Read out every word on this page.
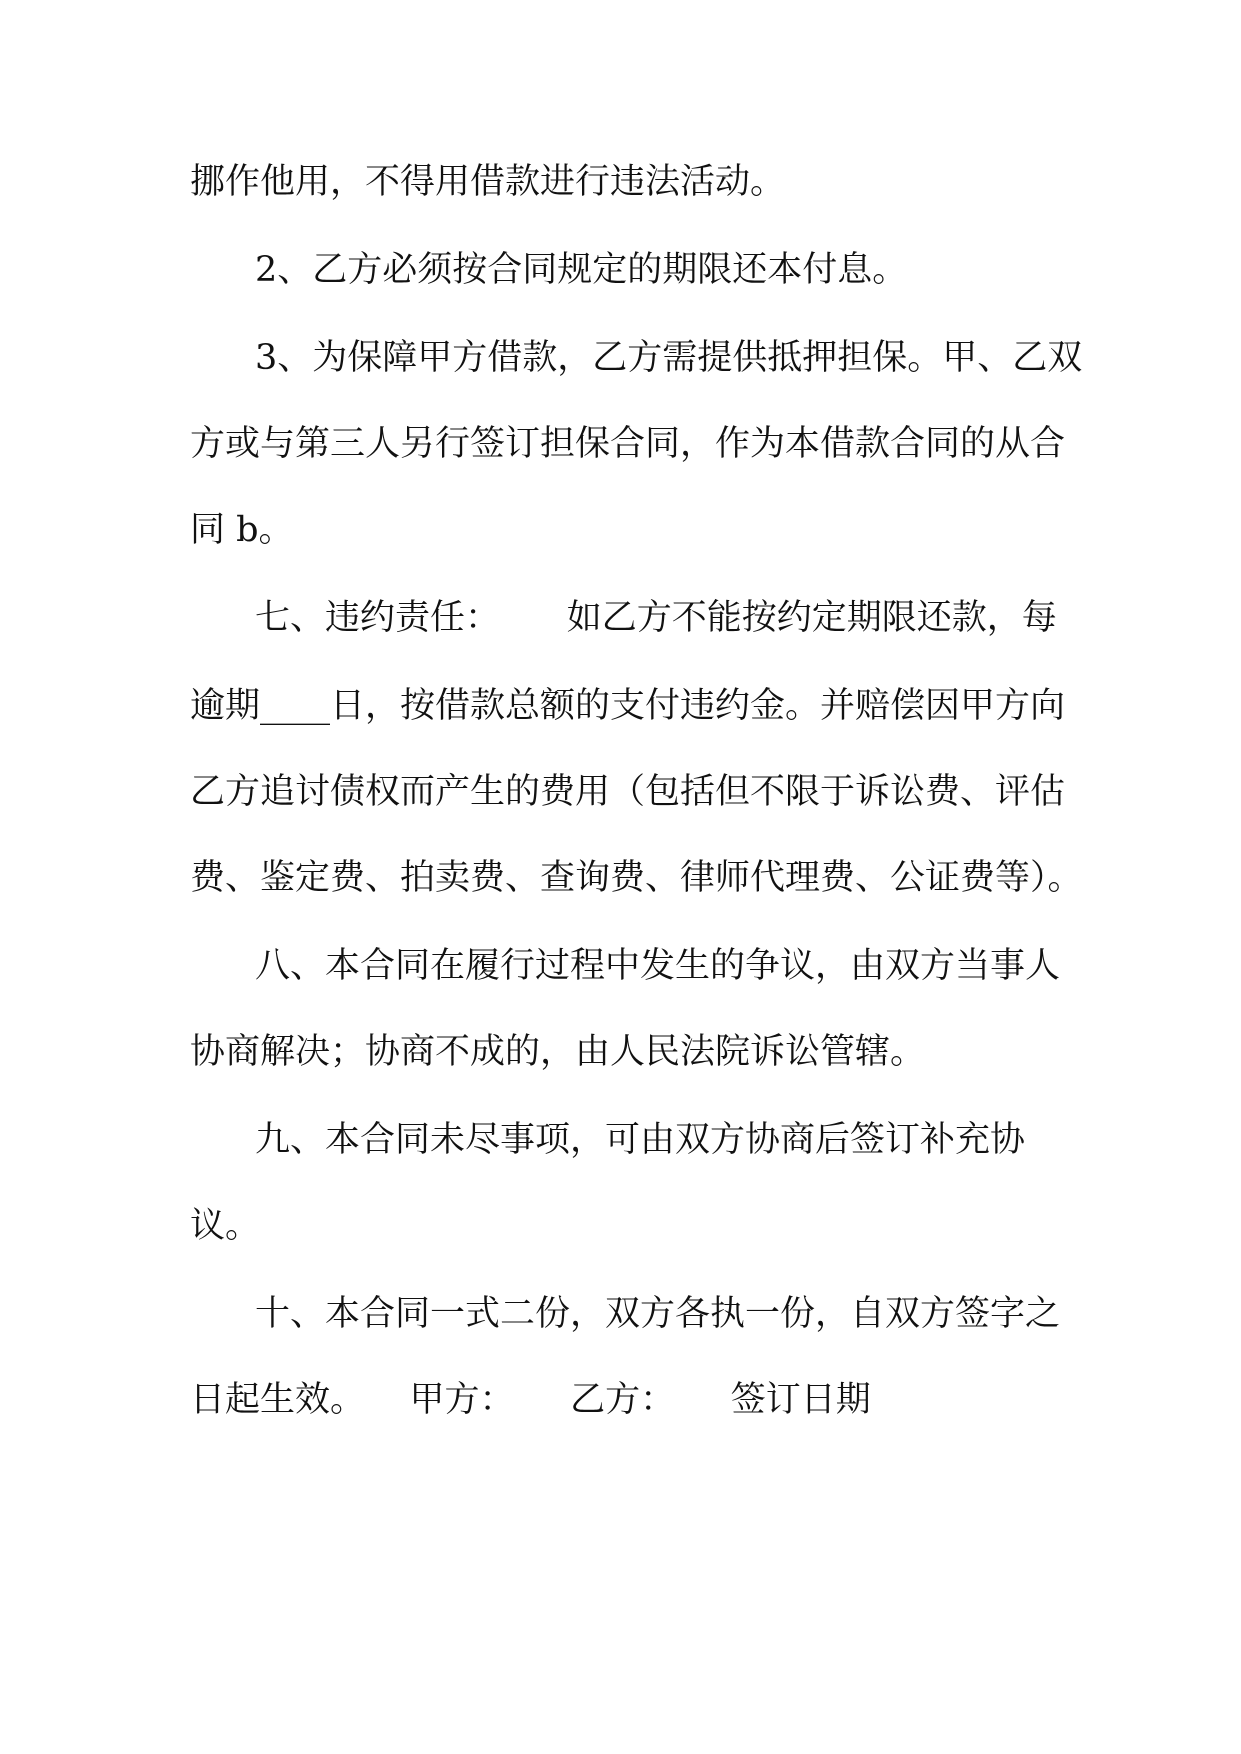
挪作他用，不得用借款进行违法活动。
2、乙方必须按合同规定的期限还本付息。
3、为保障甲方借款，乙方需提供抵押担保。甲、乙双
方或与第三人另行签订担保合同，作为本借款合同的从合
同 b。
七、违约责任：      如乙方不能按约定期限还款，每
逾期____日，按借款总额的支付违约金。并赔偿因甲方向
乙方追讨债权而产生的费用（包括但不限于诉讼费、评估
费、鉴定费、拍卖费、查询费、律师代理费、公证费等）。
八、本合同在履行过程中发生的争议，由双方当事人
协商解决；协商不成的，由人民法院诉讼管辖。
九、本合同未尽事项，可由双方协商后签订补充协
议。
十、本合同一式二份，双方各执一份，自双方签字之
日起生效。    甲方：     乙方：     签订日期
